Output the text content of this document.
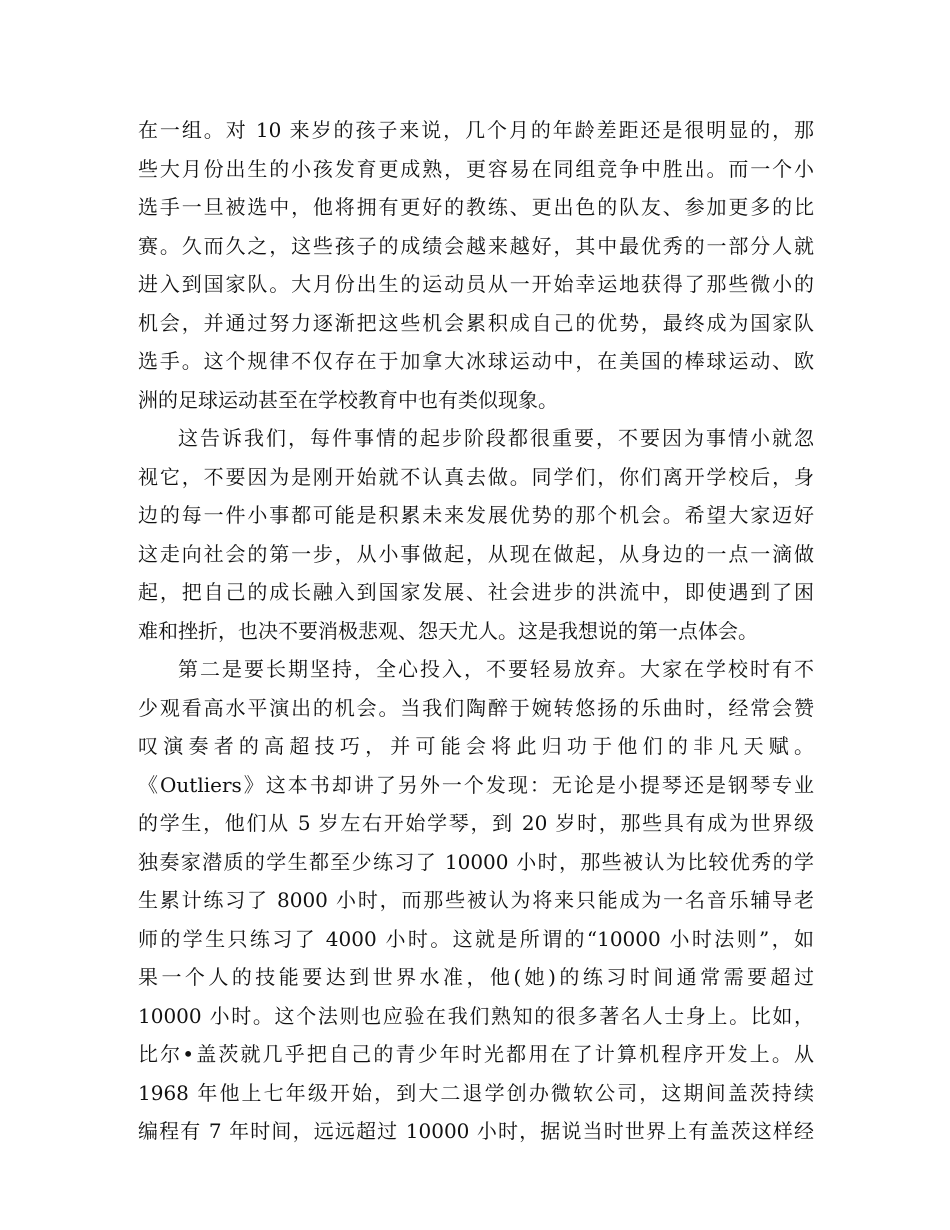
在一组。对 10 来岁的孩子来说，几个月的年龄差距还是很明显的，那
些大月份出生的小孩发育更成熟，更容易在同组竞争中胜出。而一个小
选手一旦被选中，他将拥有更好的教练、更出色的队友、参加更多的比
赛。久而久之，这些孩子的成绩会越来越好，其中最优秀的一部分人就
进入到国家队。大月份出生的运动员从一开始幸运地获得了那些微小的
机会，并通过努力逐渐把这些机会累积成自己的优势，最终成为国家队
选手。这个规律不仅存在于加拿大冰球运动中，在美国的棒球运动、欧
洲的足球运动甚至在学校教育中也有类似现象。
这告诉我们，每件事情的起步阶段都很重要，不要因为事情小就忽
视它，不要因为是刚开始就不认真去做。同学们，你们离开学校后，身
边的每一件小事都可能是积累未来发展优势的那个机会。希望大家迈好
这走向社会的第一步，从小事做起，从现在做起，从身边的一点一滴做
起，把自己的成长融入到国家发展、社会进步的洪流中，即使遇到了困
难和挫折，也决不要消极悲观、怨天尤人。这是我想说的第一点体会。
第二是要长期坚持，全心投入，不要轻易放弃。大家在学校时有不
少观看高水平演出的机会。当我们陶醉于婉转悠扬的乐曲时，经常会赞
叹演奏者的高超技巧，并可能会将此归功于他们的非凡天赋。
《Outliers》这本书却讲了另外一个发现：无论是小提琴还是钢琴专业
的学生，他们从 5 岁左右开始学琴，到 20 岁时，那些具有成为世界级
独奏家潜质的学生都至少练习了 10000 小时，那些被认为比较优秀的学
生累计练习了 8000 小时，而那些被认为将来只能成为一名音乐辅导老
师的学生只练习了 4000 小时。这就是所谓的“10000 小时法则”，如
果一个人的技能要达到世界水准，他(她)的练习时间通常需要超过
10000 小时。这个法则也应验在我们熟知的很多著名人士身上。比如，
比尔•盖茨就几乎把自己的青少年时光都用在了计算机程序开发上。从
1968 年他上七年级开始，到大二退学创办微软公司，这期间盖茨持续
编程有 7 年时间，远远超过 10000 小时，据说当时世界上有盖茨这样经
